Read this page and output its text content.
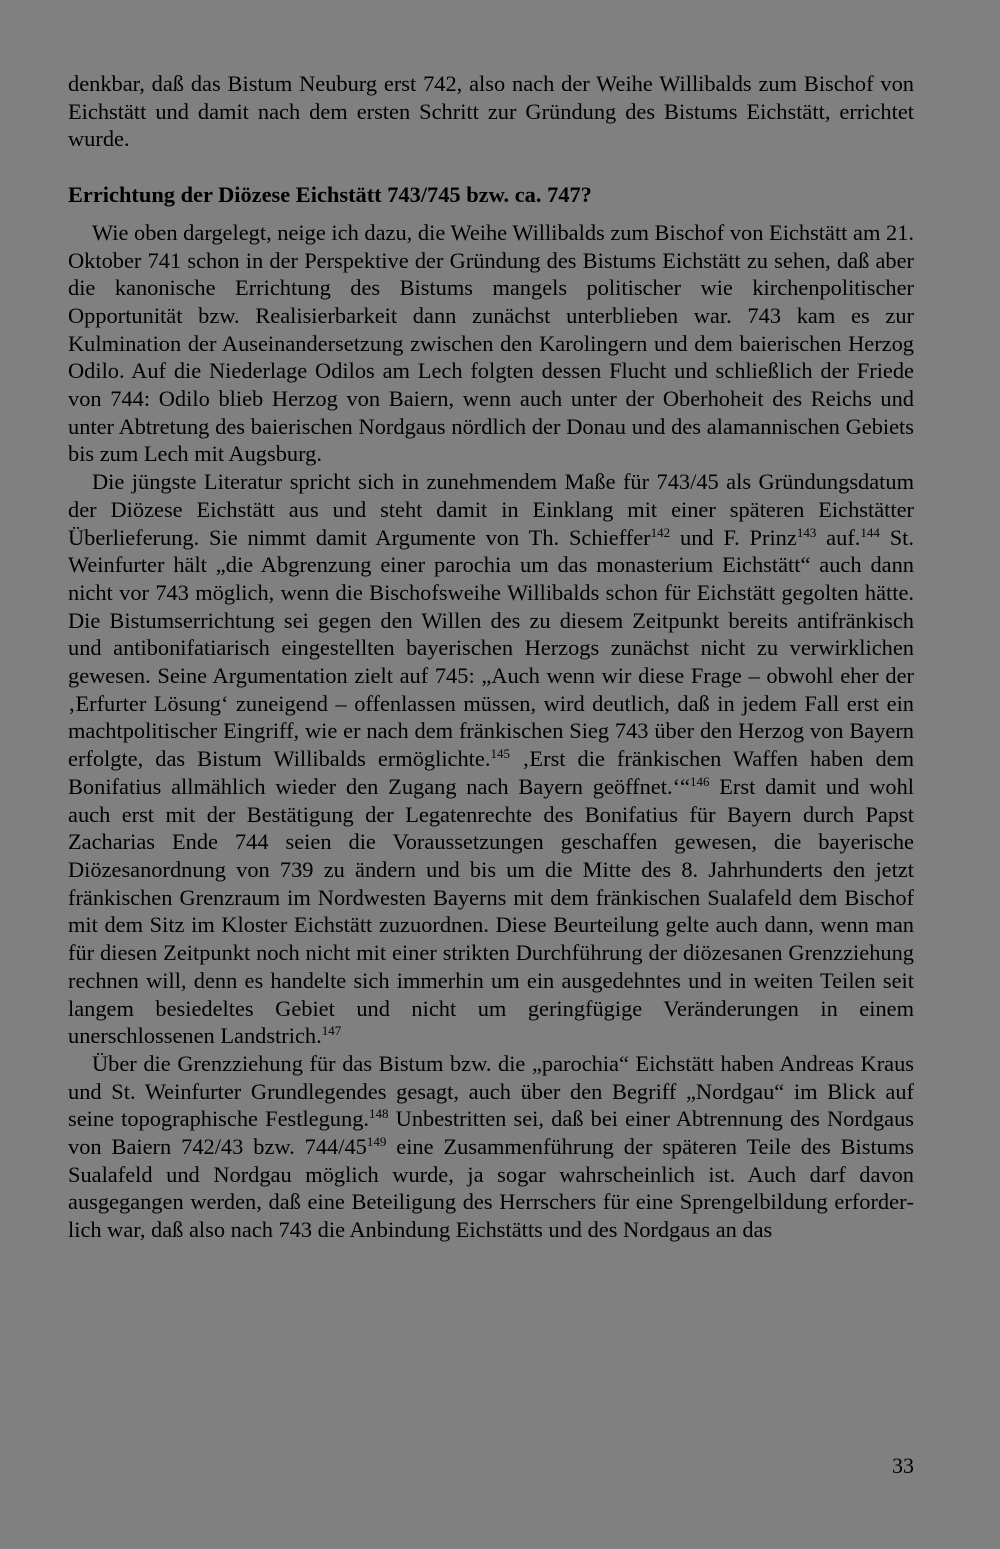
denkbar, daß das Bistum Neuburg erst 742, also nach der Weihe Willibalds zum Bischof von Eichstätt und damit nach dem ersten Schritt zur Gründung des Bistums Eichstätt, errichtet wurde.

Errichtung der Diözese Eichstätt 743/745 bzw. ca. 747?

Wie oben dargelegt, neige ich dazu, die Weihe Willibalds zum Bischof von Eichstätt am 21. Oktober 741 schon in der Perspektive der Gründung des Bistums Eichstätt zu sehen, daß aber die kanonische Errichtung des Bistums mangels politischer wie kirchenpolitischer Opportunität bzw. Realisierbarkeit dann zunächst unterblieben war. 743 kam es zur Kulmination der Auseinandersetzung zwischen den Karolingern und dem baierischen Herzog Odilo. Auf die Niederlage Odilos am Lech folgten dessen Flucht und schließlich der Friede von 744: Odilo blieb Herzog von Baiern, wenn auch unter der Oberhoheit des Reichs und unter Abtretung des baierischen Nordgaus nördlich der Donau und des alamannischen Gebiets bis zum Lech mit Augsburg.

Die jüngste Literatur spricht sich in zunehmendem Maße für 743/45 als Gründungsdatum der Diözese Eichstätt aus und steht damit in Einklang mit einer späteren Eichstätter Überlieferung. Sie nimmt damit Argumente von Th. Schieffer$^{142}$ und F. Prinz$^{143}$ auf.$^{144}$ St. Weinfurter hält „die Abgrenzung einer parochia um das monasterium Eichstätt“ auch dann nicht vor 743 möglich, wenn die Bischofsweihe Willibalds schon für Eichstätt gegolten hätte. Die Bistumserrichtung sei gegen den Willen des zu diesem Zeitpunkt bereits antifränkisch und antibonifatiarisch eingestellten bayerischen Herzogs zunächst nicht zu verwirklichen gewesen. Seine Argumentation zielt auf 745: „Auch wenn wir diese Frage – obwohl eher der ‚Erfurter Lösung‘ zuneigend – offenlassen müssen, wird deutlich, daß in jedem Fall erst ein machtpolitischer Eingriff, wie er nach dem fränkischen Sieg 743 über den Herzog von Bayern erfolgte, das Bistum Willibalds ermöglichte.$^{145}$ ‚Erst die fränkischen Waffen haben dem Bonifatius allmählich wieder den Zugang nach Bayern geöffnet.‘“$^{146}$ Erst damit und wohl auch erst mit der Bestätigung der Legatenrechte des Bonifatius für Bayern durch Papst Zacharias Ende 744 seien die Voraussetzungen geschaffen gewesen, die bayerische Diözesanordnung von 739 zu ändern und bis um die Mitte des 8. Jahrhunderts den jetzt fränkischen Grenzraum im Nordwesten Bayerns mit dem fränkischen Sualafeld dem Bischof mit dem Sitz im Kloster Eichstätt zuzuordnen. Diese Beurteilung gelte auch dann, wenn man für diesen Zeitpunkt noch nicht mit einer strikten Durchführung der diözesanen Grenzziehung rechnen will, denn es handelte sich immerhin um ein ausgedehntes und in weiten Teilen seit langem besiedeltes Gebiet und nicht um geringfügige Veränderungen in einem unerschlossenen Landstrich.$^{147}$

Über die Grenzziehung für das Bistum bzw. die „parochia“ Eichstätt haben Andreas Kraus und St. Weinfurter Grundlegendes gesagt, auch über den Begriff „Nordgau“ im Blick auf seine topographische Festlegung.$^{148}$ Unbestritten sei, daß bei einer Abtrennung des Nordgaus von Baiern 742/43 bzw. $744/45^{149}$ eine Zusammenführung der späteren Teile des Bistums Sualafeld und Nordgau möglich wurde, ja sogar wahrscheinlich ist. Auch darf davon ausgegangen werden, daß eine Beteiligung des Herrschers für eine Sprengelbildung erforderlich war, daß also nach 743 die Anbindung Eichstätts und des Nordgaus an das

33
